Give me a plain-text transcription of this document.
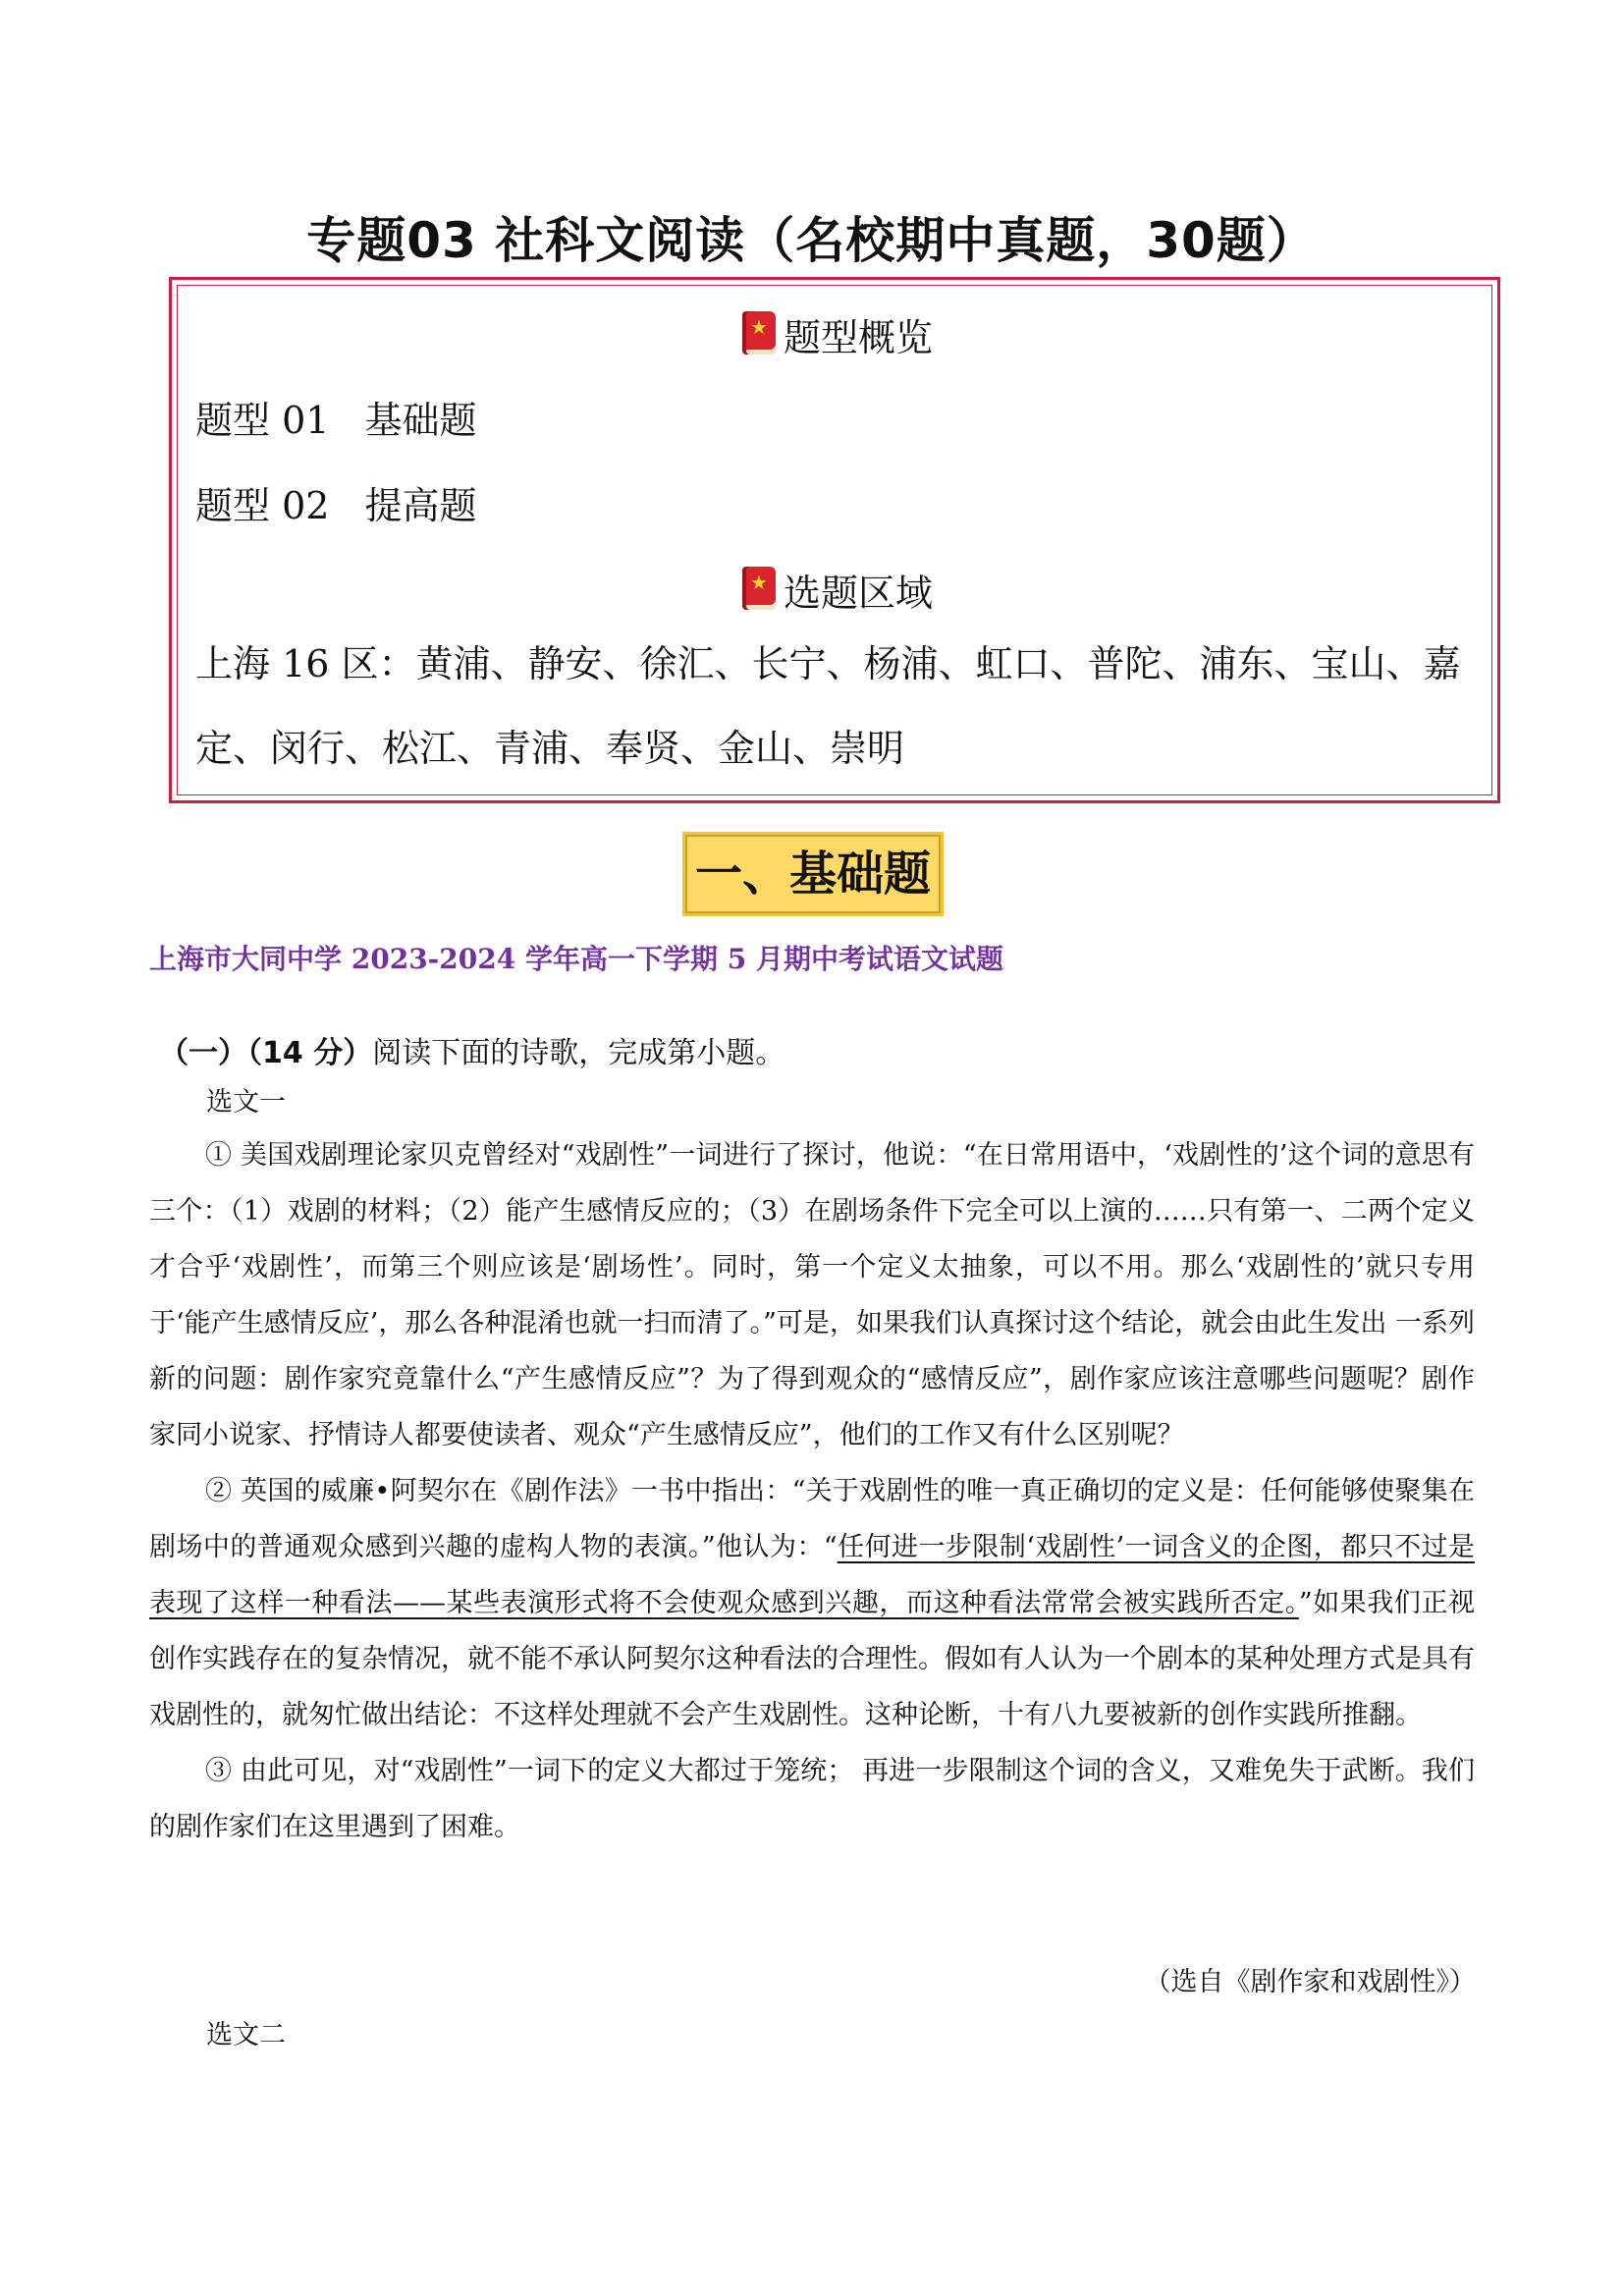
专题03 社科文阅读（名校期中真题，30题）
★题型概览
题型 01 基础题
题型 02 提高题
★选题区域
上海 16 区：黄浦、静安、徐汇、长宁、杨浦、虹口、普陀、浦东、宝山、嘉定、闵行、松江、青浦、奉贤、金山、崇明
一、基础题
上海市大同中学 2023-2024 学年高一下学期 5 月期中考试语文试题
（一）（14 分）阅读下面的诗歌，完成第小题。
选文一

① 美国戏剧理论家贝克曾经对“戏剧性”一词进行了探讨，他说：“在日常用语中，‘戏剧性的’这个词的意思有三个：（1）戏剧的材料；（2）能产生感情反应的；（3）在剧场条件下完全可以上演的……只有第一、二两个定义才合乎‘戏剧性’，而第三个则应该是‘剧场性’。同时，第一个定义太抽象，可以不用。那么‘戏剧性的’就只专用于‘能产生感情反应’，那么各种混淆也就一扫而清了。”可是，如果我们认真探讨这个结论，就会由此生发出 一系列新的问题：剧作家究竟靠什么“产生感情反应”？为了得到观众的“感情反应”，剧作家应该注意哪些问题呢？剧作家同小说家、抒情诗人都要使读者、观众“产生感情反应”，他们的工作又有什么区别呢？

② 英国的威廉•阿契尔在《剧作法》一书中指出：“关于戏剧性的唯一真正确切的定义是：任何能够使聚集在剧场中的普通观众感到兴趣的虚构人物的表演。”他认为：“任何进一步限制‘戏剧性’一词含义的企图，都只不过是表现了这样一种看法——某些表演形式将不会使观众感到兴趣，而这种看法常常会被实践所否定。”如果我们正视创作实践存在的复杂情况，就不能不承认阿契尔这种看法的合理性。假如有人认为一个剧本的某种处理方式是具有戏剧性的，就匆忙做出结论：不这样处理就不会产生戏剧性。这种论断，十有八九要被新的创作实践所推翻。

③ 由此可见，对“戏剧性”一词下的定义大都过于笼统； 再进一步限制这个词的含义，又难免失于武断。我们的剧作家们在这里遇到了困难。

（选自《剧作家和戏剧性》）
选文二
